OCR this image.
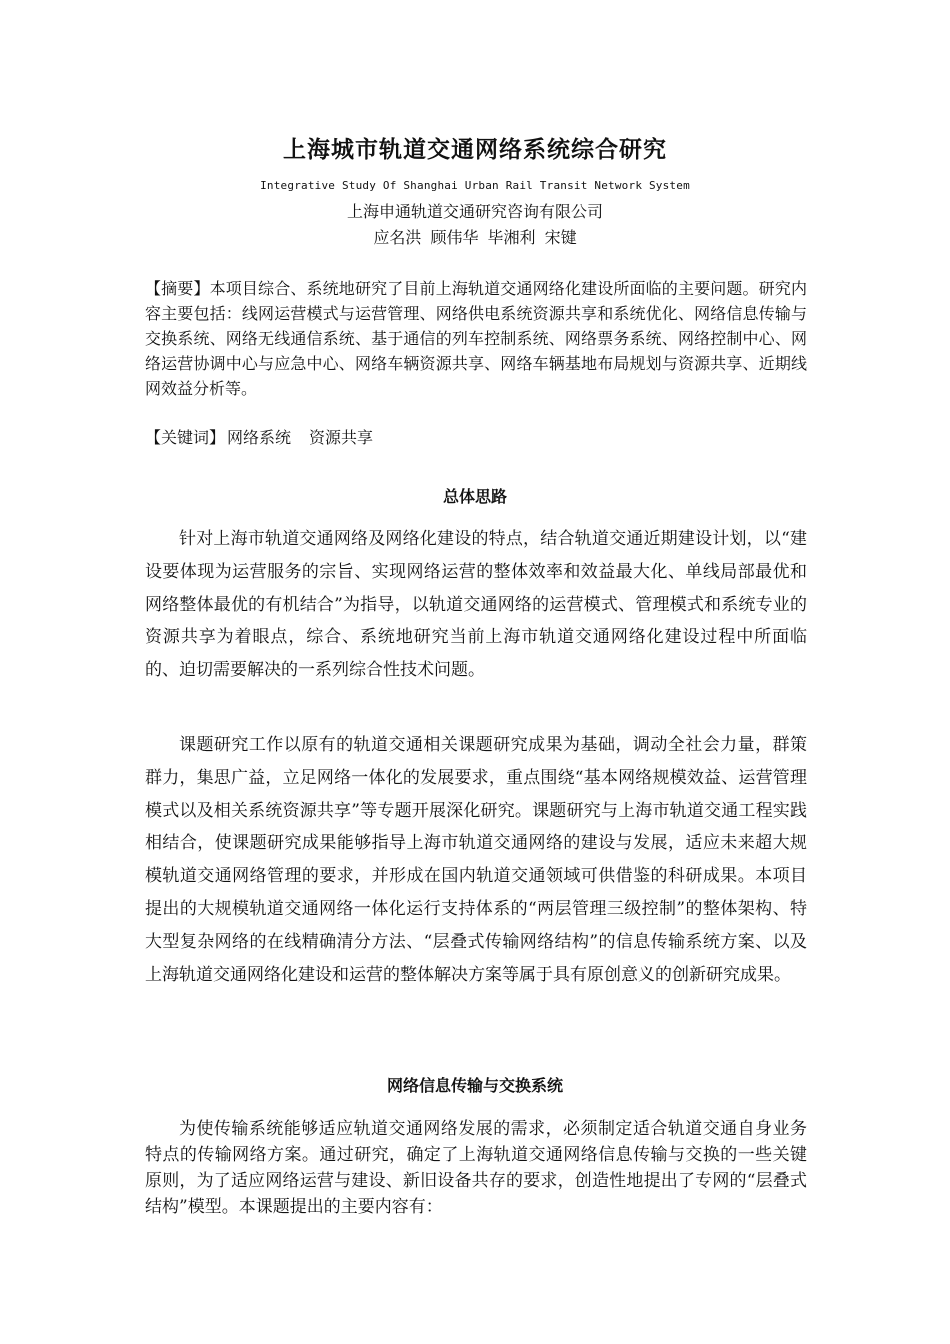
上海城市轨道交通网络系统综合研究
Integrative Study Of Shanghai Urban Rail Transit Network System
上海申通轨道交通研究咨询有限公司
应名洪 顾伟华 毕湘利 宋键
【摘要】本项目综合、系统地研究了目前上海轨道交通网络化建设所面临的主要问题。研究内容主要包括：线网运营模式与运营管理、网络供电系统资源共享和系统优化、网络信息传输与交换系统、网络无线通信系统、基于通信的列车控制系统、网络票务系统、网络控制中心、网络运营协调中心与应急中心、网络车辆资源共享、网络车辆基地布局规划与资源共享、近期线网效益分析等。
【关键词】 网络系统 资源共享
总体思路
针对上海市轨道交通网络及网络化建设的特点，结合轨道交通近期建设计划，以“建设要体现为运营服务的宗旨、实现网络运营的整体效率和效益最大化、单线局部最优和网络整体最优的有机结合”为指导，以轨道交通网络的运营模式、管理模式和系统专业的资源共享为着眼点，综合、系统地研究当前上海市轨道交通网络化建设过程中所面临的、迫切需要解决的一系列综合性技术问题。
课题研究工作以原有的轨道交通相关课题研究成果为基础，调动全社会力量，群策群力，集思广益，立足网络一体化的发展要求，重点围绕“基本网络规模效益、运营管理模式以及相关系统资源共享”等专题开展深化研究。课题研究与上海市轨道交通工程实践相结合，使课题研究成果能够指导上海市轨道交通网络的建设与发展，适应未来超大规模轨道交通网络管理的要求，并形成在国内轨道交通领域可供借鉴的科研成果。本项目提出的大规模轨道交通网络一体化运行支持体系的“两层管理三级控制”的整体架构、特大型复杂网络的在线精确清分方法、“层叠式传输网络结构”的信息传输系统方案、以及上海轨道交通网络化建设和运营的整体解决方案等属于具有原创意义的创新研究成果。
网络信息传输与交换系统
为使传输系统能够适应轨道交通网络发展的需求，必须制定适合轨道交通自身业务特点的传输网络方案。通过研究，确定了上海轨道交通网络信息传输与交换的一些关键原则，为了适应网络运营与建设、新旧设备共存的要求，创造性地提出了专网的“层叠式结构”模型。本课题提出的主要内容有：
